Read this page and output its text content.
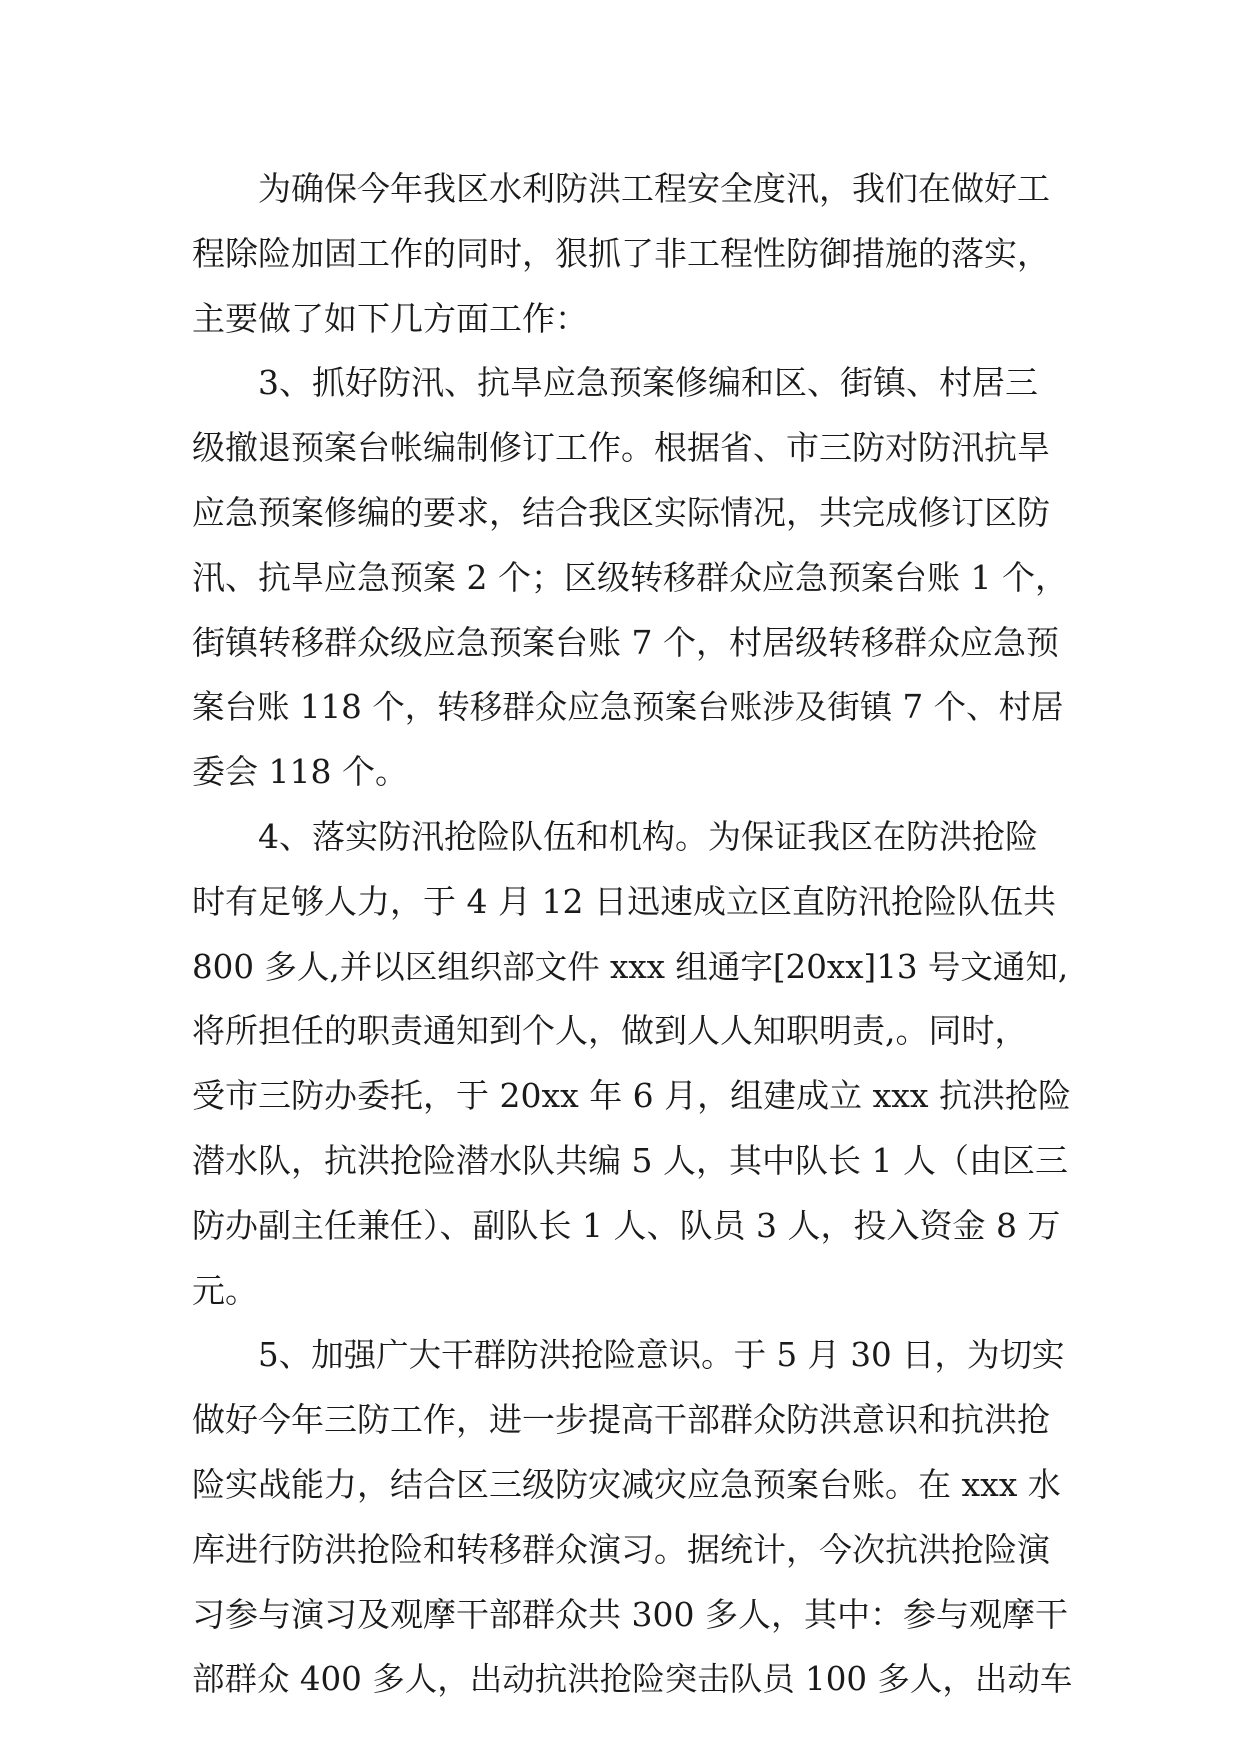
为确保今年我区水利防洪工程安全度汛，我们在做好工
程除险加固工作的同时，狠抓了非工程性防御措施的落实，
主要做了如下几方面工作：
3、抓好防汛、抗旱应急预案修编和区、街镇、村居三
级撤退预案台帐编制修订工作。根据省、市三防对防汛抗旱
应急预案修编的要求，结合我区实际情况，共完成修订区防
汛、抗旱应急预案 2 个；区级转移群众应急预案台账 1 个，
街镇转移群众级应急预案台账 7 个，村居级转移群众应急预
案台账 118 个，转移群众应急预案台账涉及街镇 7 个、村居
委会 118 个。
4、落实防汛抢险队伍和机构。为保证我区在防洪抢险
时有足够人力，于 4 月 12 日迅速成立区直防汛抢险队伍共
800 多人,并以区组织部文件 xxx 组通字[20xx]13 号文通知,
将所担任的职责通知到个人，做到人人知职明责,。同时，
受市三防办委托，于 20xx 年 6 月，组建成立 xxx 抗洪抢险
潜水队，抗洪抢险潜水队共编 5 人，其中队长 1 人（由区三
防办副主任兼任）、副队长 1 人、队员 3 人，投入资金 8 万
元。
5、加强广大干群防洪抢险意识。于 5 月 30 日，为切实
做好今年三防工作，进一步提高干部群众防洪意识和抗洪抢
险实战能力，结合区三级防灾减灾应急预案台账。在 xxx 水
库进行防洪抢险和转移群众演习。据统计，今次抗洪抢险演
习参与演习及观摩干部群众共 300 多人，其中：参与观摩干
部群众 400 多人，出动抗洪抢险突击队员 100 多人，出动车
